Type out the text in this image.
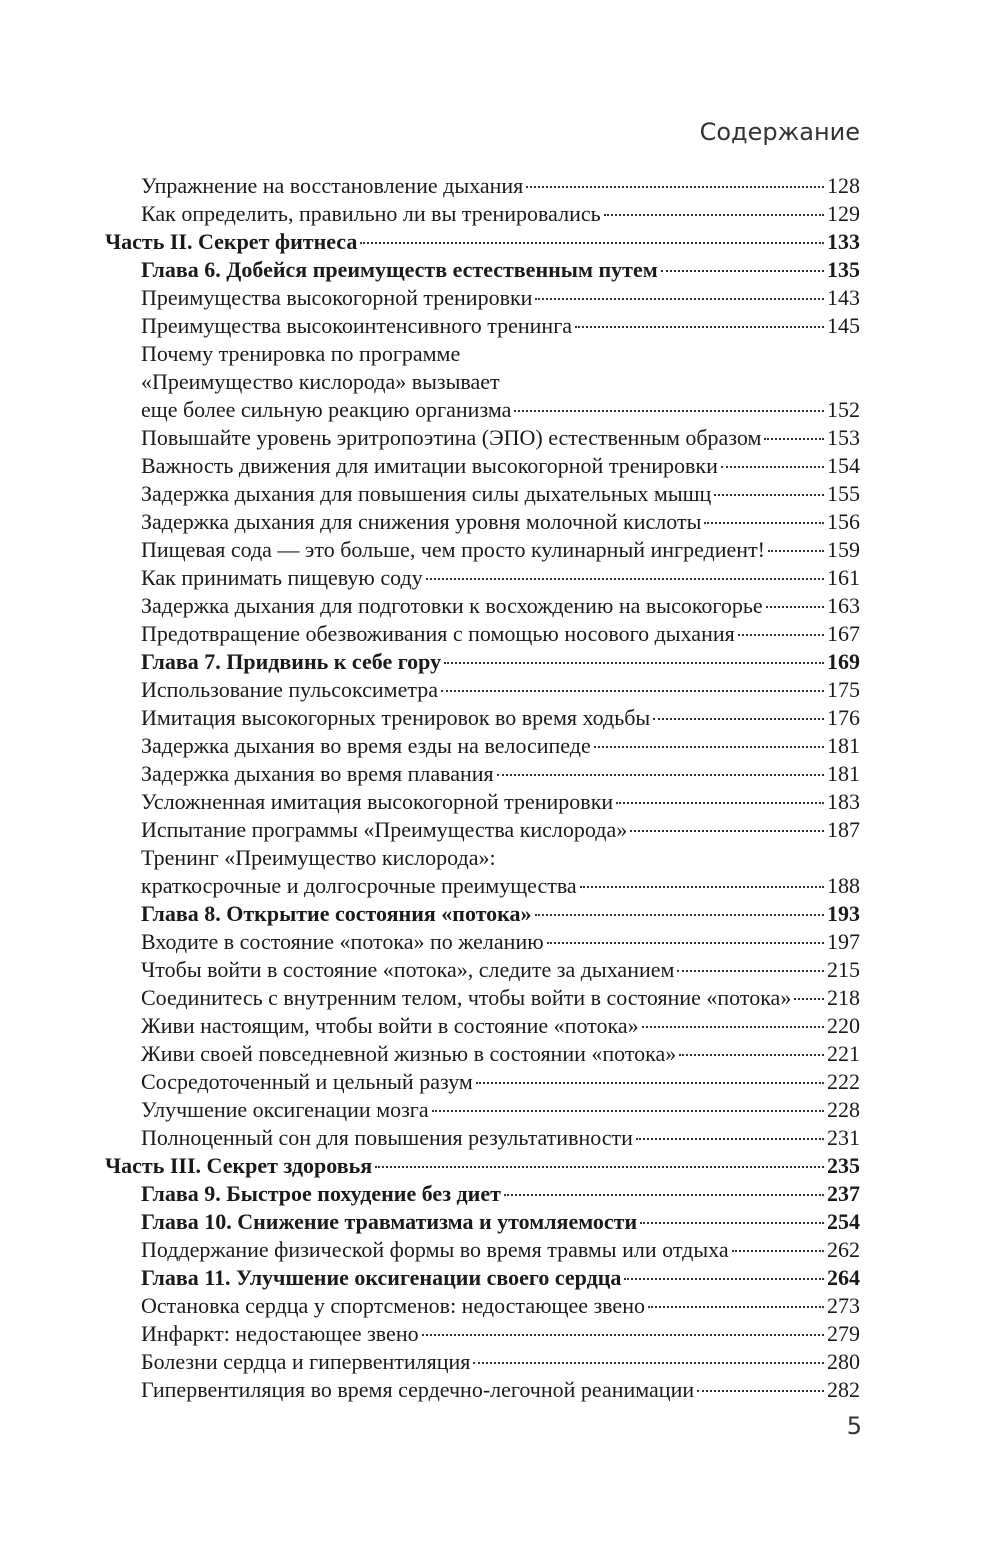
Содержание
Упражнение на восстановление дыхания	128
Как определить, правильно ли вы тренировались	129
Часть II. Секрет фитнеса	133
Глава 6. Добейся преимуществ естественным путем	135
Преимущества высокогорной тренировки	143
Преимущества высокоинтенсивного тренинга	145
Почему тренировка по программе
«Преимущество кислорода» вызывает
еще более сильную реакцию организма	152
Повышайте уровень эритропоэтина (ЭПО) естественным образом	153
Важность движения для имитации высокогорной тренировки	154
Задержка дыхания для повышения силы дыхательных мышц	155
Задержка дыхания для снижения уровня молочной кислоты	156
Пищевая сода — это больше, чем просто кулинарный ингредиент!	159
Как принимать пищевую соду	161
Задержка дыхания для подготовки к восхождению на высокогорье	163
Предотвращение обезвоживания с помощью носового дыхания	167
Глава 7. Придвинь к себе гору	169
Использование пульсоксиметра	175
Имитация высокогорных тренировок во время ходьбы	176
Задержка дыхания во время езды на велосипеде	181
Задержка дыхания во время плавания	181
Усложненная имитация высокогорной тренировки	183
Испытание программы «Преимущества кислорода»	187
Тренинг «Преимущество кислорода»:
краткосрочные и долгосрочные преимущества	188
Глава 8. Открытие состояния «потока»	193
Входите в состояние «потока» по желанию	197
Чтобы войти в состояние «потока», следите за дыханием	215
Соединитесь с внутренним телом, чтобы войти в состояние «потока» 218
Живи настоящим, чтобы войти в состояние «потока»	220
Живи своей повседневной жизнью в состоянии «потока»	221
Сосредоточенный и цельный разум	222
Улучшение оксигенации мозга	228
Полноценный сон для повышения результативности	231
Часть III. Секрет здоровья	235
Глава 9. Быстрое похудение без диет	237
Глава 10. Снижение травматизма и утомляемости	254
Поддержание физической формы во время травмы или отдыха	262
Глава 11. Улучшение оксигенации своего сердца	264
Остановка сердца у спортсменов: недостающее звено	273
Инфаркт: недостающее звено	279
Болезни сердца и гипервентиляция	280
Гипервентиляция во время сердечно-легочной реанимации	282
5
